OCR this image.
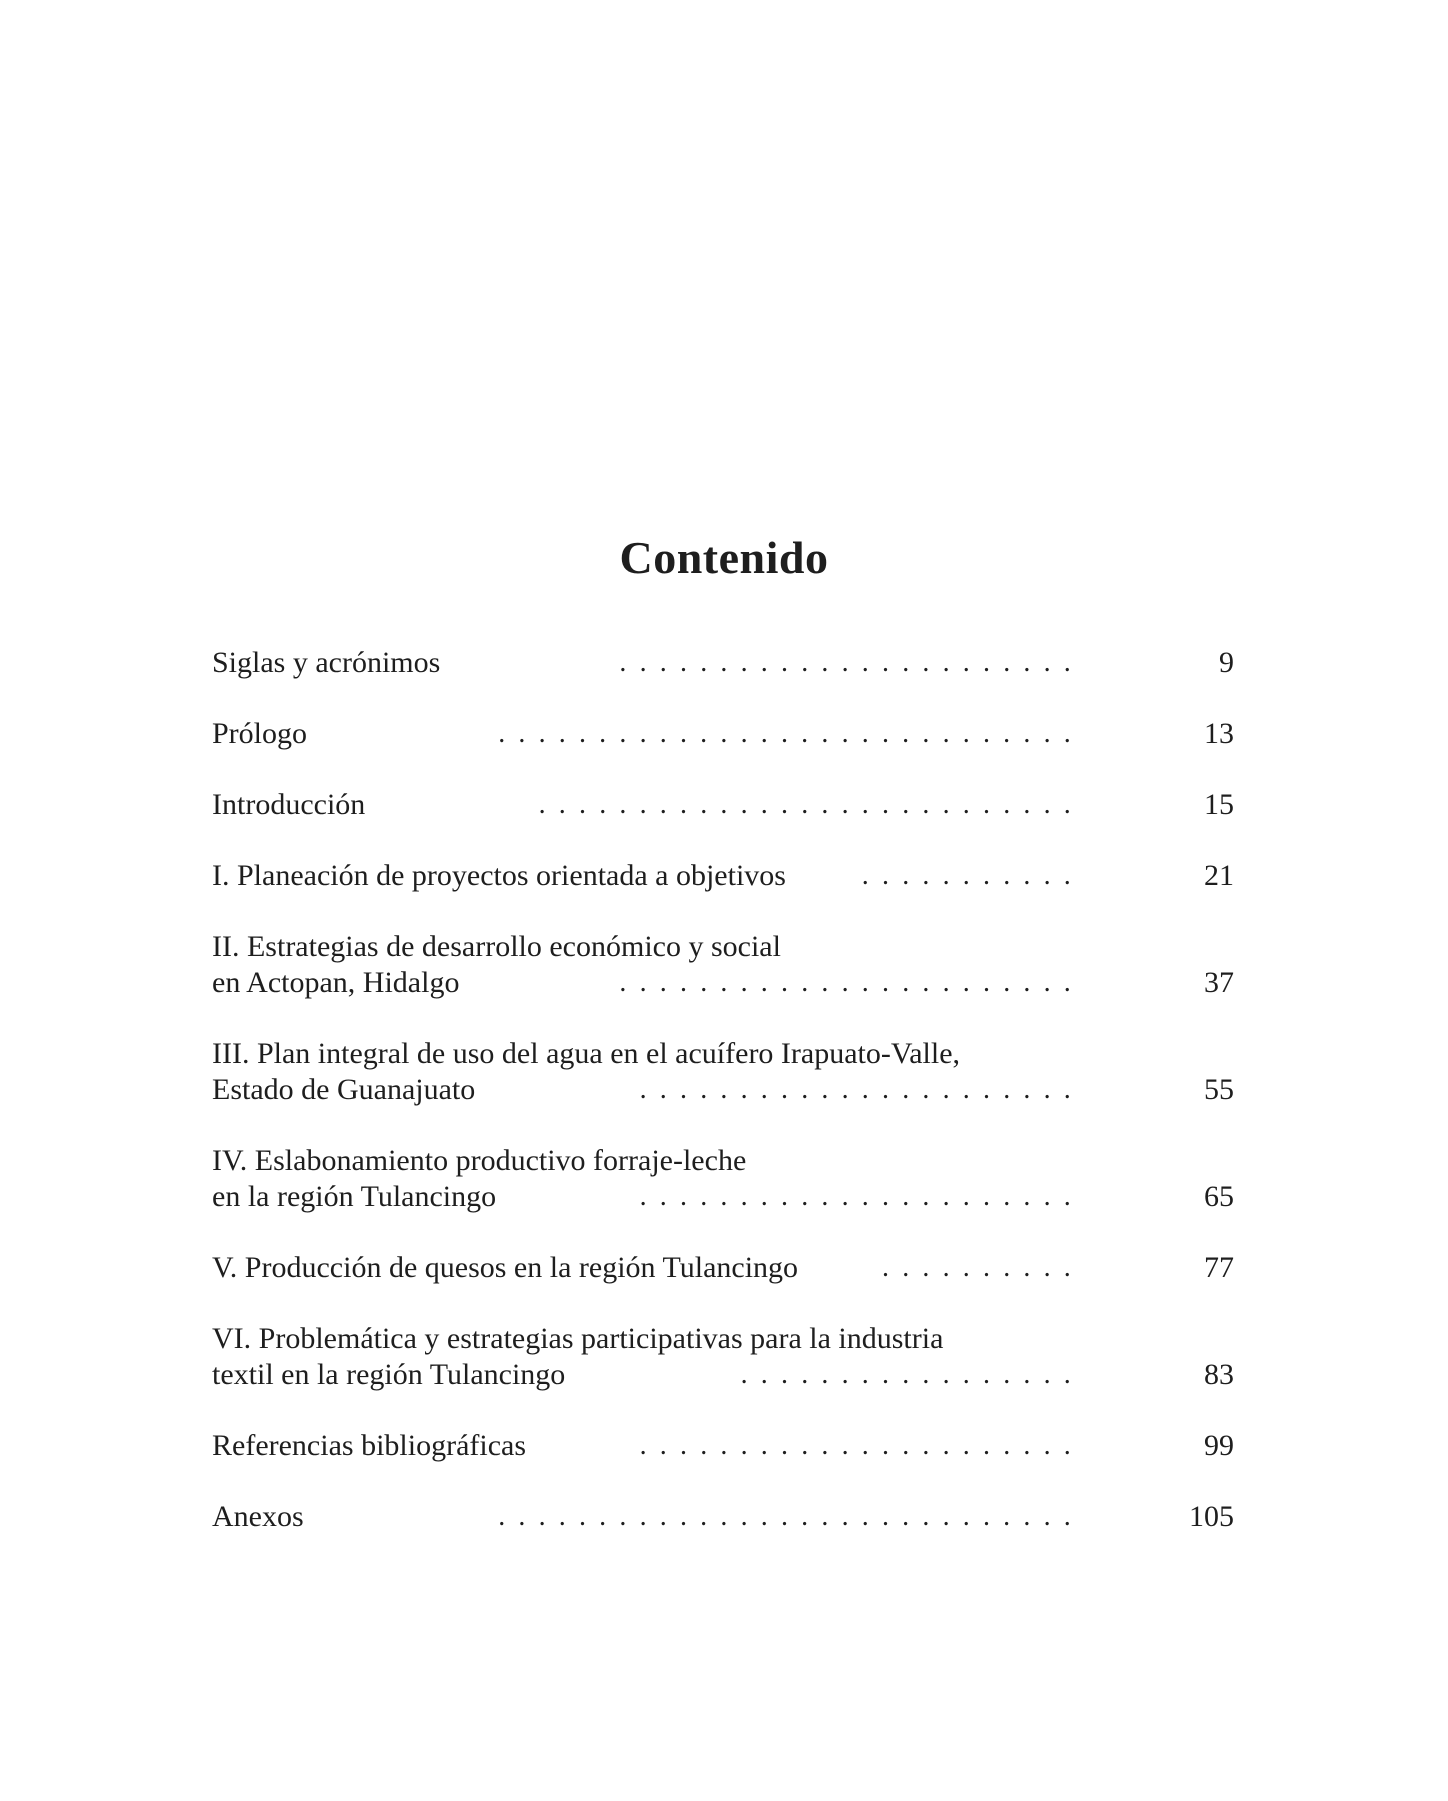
Contenido
Siglas y acrónimos	.......................	9
Prólogo	.............................	13
Introducción	...........................	15
I. Planeación de proyectos orientada a objetivos	...........	21
II. Estrategias de desarrollo económico y social
en Actopan, Hidalgo	.......................	37
III. Plan integral de uso del agua en el acuífero Irapuato-Valle,
Estado de Guanajuato	......................	55
IV. Eslabonamiento productivo forraje-leche
en la región Tulancingo	......................	65
V. Producción de quesos en la región Tulancingo	..........	77
VI. Problemática y estrategias participativas para la industria
textil en la región Tulancingo	.................	83
Referencias bibliográficas	......................	99
Anexos	.............................	105
